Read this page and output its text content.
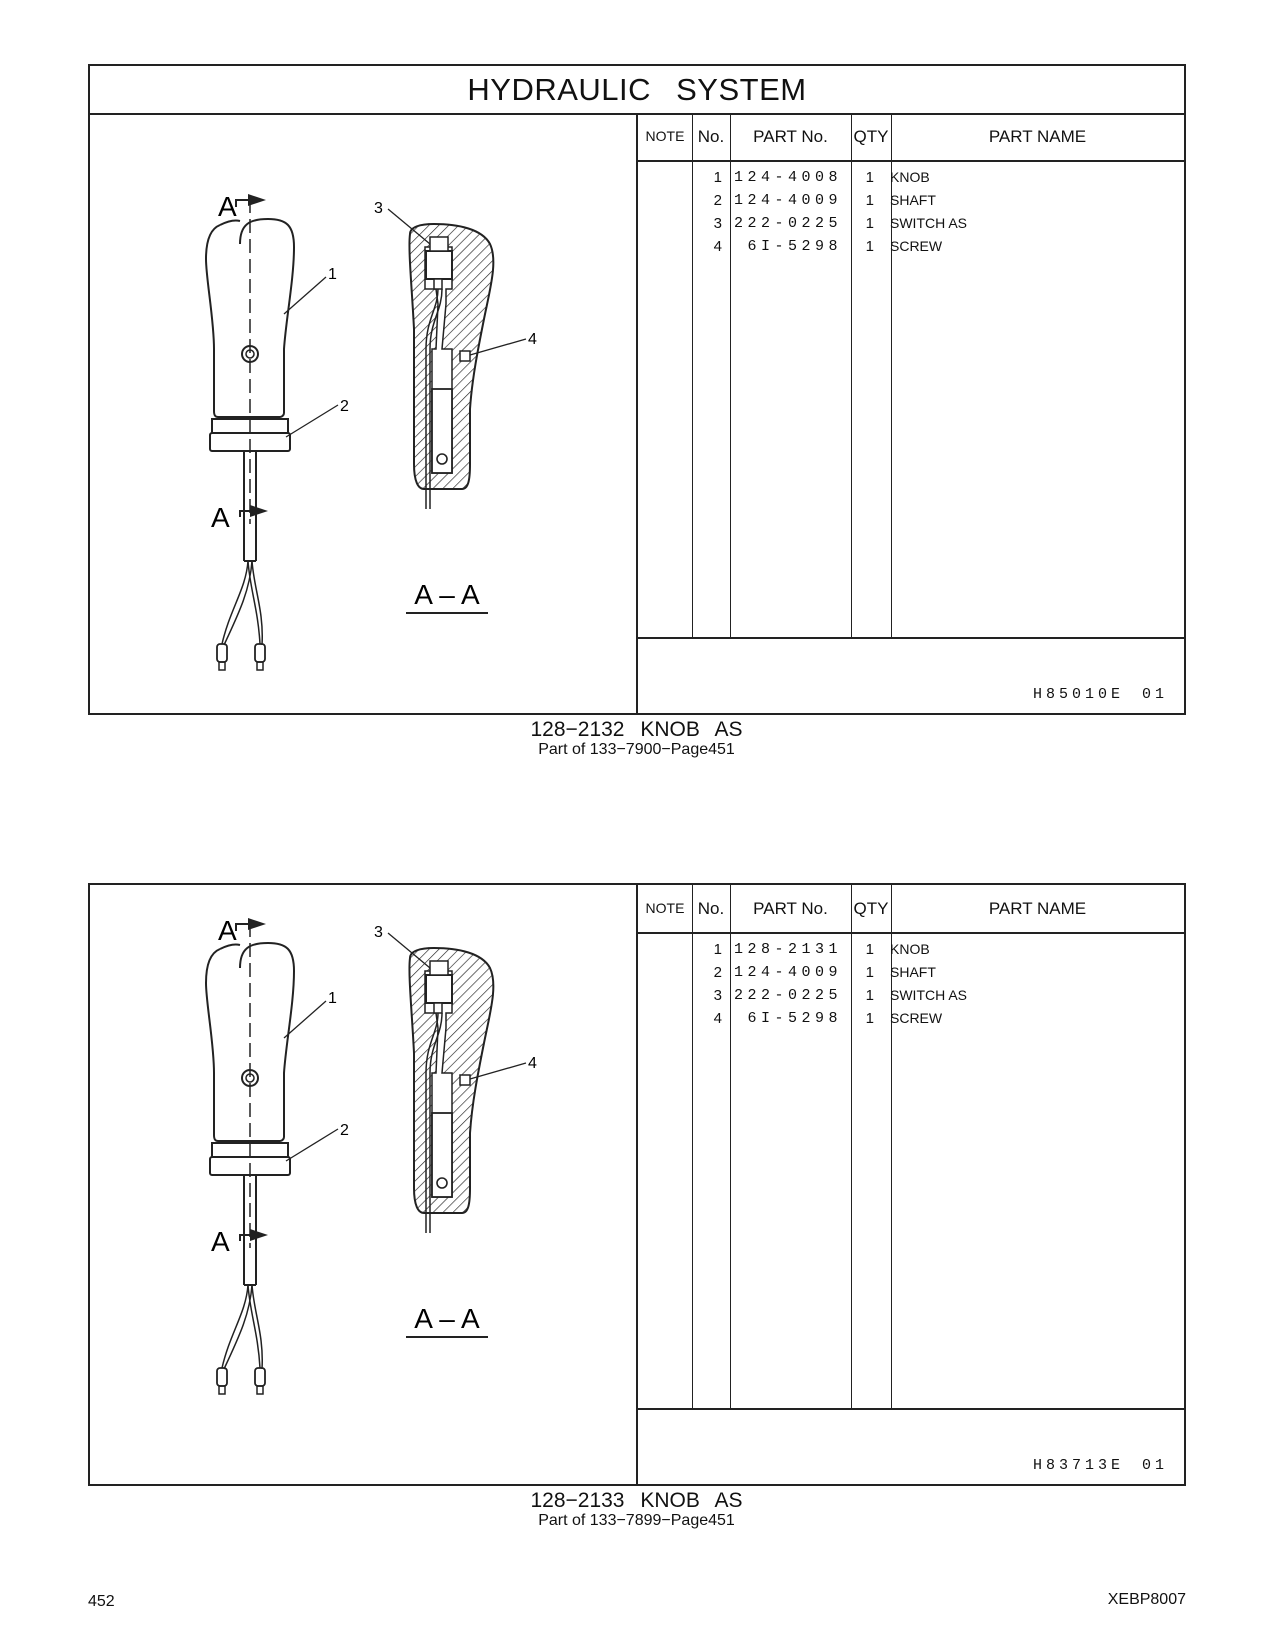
HYDRAULIC SYSTEM
A
A
1
2
3
4
A – A
NOTE No.	PART No.	QTY	PART NAME
1 124-4008	1 KNOB
2 124-4009	1 SHAFT
3 222-0225	1 SWITCH AS
4	6I-5298	1 SCREW
H85010E 01
128−2132 KNOB AS
Part of 133−7900−Page451
A
A
1
2
3
4
A – A
NOTE No.	PART No.	QTY	PART NAME
1 128-2131	1 KNOB
2 124-4009	1 SHAFT
3 222-0225	1 SWITCH AS
4	6I-5298	1 SCREW
H83713E 01
128−2133 KNOB AS
Part of 133−7899−Page451
452	XEBP8007
